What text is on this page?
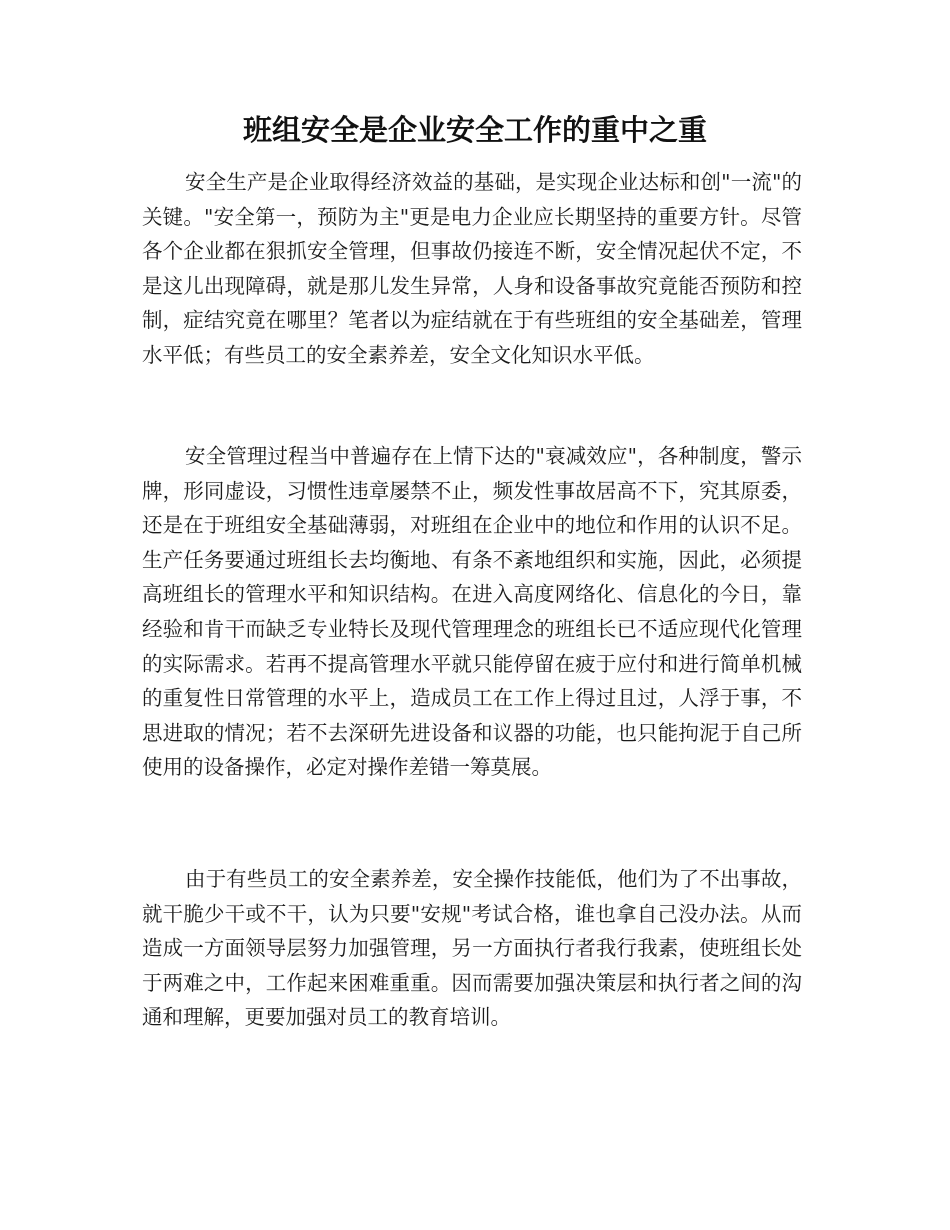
班组安全是企业安全工作的重中之重

安全生产是企业取得经济效益的基础，是实现企业达标和创"一流"的关键。"安全第一，预防为主"更是电力企业应长期坚持的重要方针。尽管各个企业都在狠抓安全管理，但事故仍接连不断，安全情况起伏不定，不是这儿出现障碍，就是那儿发生异常，人身和设备事故究竟能否预防和控制，症结究竟在哪里？笔者以为症结就在于有些班组的安全基础差，管理水平低；有些员工的安全素养差，安全文化知识水平低。

安全管理过程当中普遍存在上情下达的"衰减效应"，各种制度，警示牌，形同虚设，习惯性违章屡禁不止，频发性事故居高不下，究其原委，还是在于班组安全基础薄弱，对班组在企业中的地位和作用的认识不足。生产任务要通过班组长去均衡地、有条不紊地组织和实施，因此，必须提高班组长的管理水平和知识结构。在进入高度网络化、信息化的今日，靠经验和肯干而缺乏专业特长及现代管理理念的班组长已不适应现代化管理的实际需求。若再不提高管理水平就只能停留在疲于应付和进行简单机械的重复性日常管理的水平上，造成员工在工作上得过且过，人浮于事，不思进取的情况；若不去深研先进设备和议器的功能，也只能拘泥于自己所使用的设备操作，必定对操作差错一筹莫展。

由于有些员工的安全素养差，安全操作技能低，他们为了不出事故，就干脆少干或不干，认为只要"安规"考试合格，谁也拿自己没办法。从而造成一方面领导层努力加强管理，另一方面执行者我行我素，使班组长处于两难之中，工作起来困难重重。因而需要加强决策层和执行者之间的沟通和理解，更要加强对员工的教育培训。
